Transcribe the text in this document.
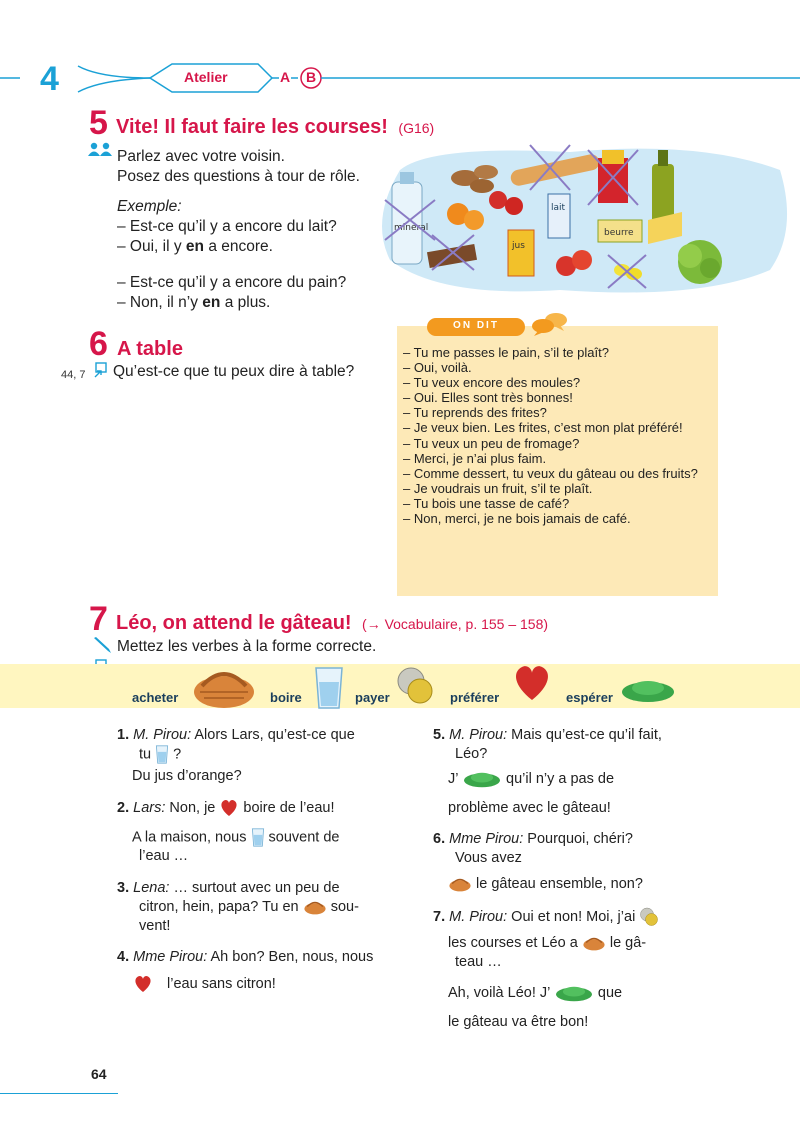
4	Atelier	A B
5 Vite! Il faut faire les courses! (G16)
Parlez avec votre voisin.
Posez des questions à tour de rôle.
Exemple:
– Est-ce qu’il y a encore du lait?
– Oui, il y en a encore.
– Est-ce qu’il y a encore du pain?
– Non, il n’y en a plus.
minéral
lait
beurre
jus
6 A table
44, 7 Qu’est-ce que tu peux dire à table?
– Tu me passes le pain, s’il te plaît?
– Oui, voilà.
– Tu veux encore des moules?
– Oui. Elles sont très bonnes!
– Tu reprends des frites?
– Je veux bien. Les frites, c’est mon plat préféré!
– Tu veux un peu de fromage?
– Merci, je n’ai plus faim.
– Comme dessert, tu veux du gâteau ou des fruits?
– Je voudrais un fruit, s’il te plaît.
– Tu bois une tasse de café?
– Non, merci, je ne bois jamais de café.
ON DIT
7 Léo, on attend le gâteau! (→ Vocabulaire, p. 155 – 158)
Mettez les verbes à la forme correcte.
acheter	boire	payer	préférer	espérer
1. M. Pirou: Alors Lars, qu’est-ce que
tu ?
Du jus d’orange?
2. Lars: Non, je boire de l’eau!
A la maison, nous souvent de
l’eau …
3. Lena: … surtout avec un peu de
citron, hein, papa? Tu en sou-
vent!
4. Mme Pirou: Ah bon? Ben, nous, nous
l’eau sans citron!
5. M. Pirou: Mais qu’est-ce qu’il fait,
Léo?
J’	qu’il n’y a pas de
problème avec le gâteau!
6. Mme Pirou: Pourquoi, chéri?
Vous avez
le gâteau ensemble, non?
7. M. Pirou: Oui et non! Moi, j’ai
les courses et Léo a le gâ-
teau …
Ah, voilà Léo! J’	que
le gâteau va être bon!
64
